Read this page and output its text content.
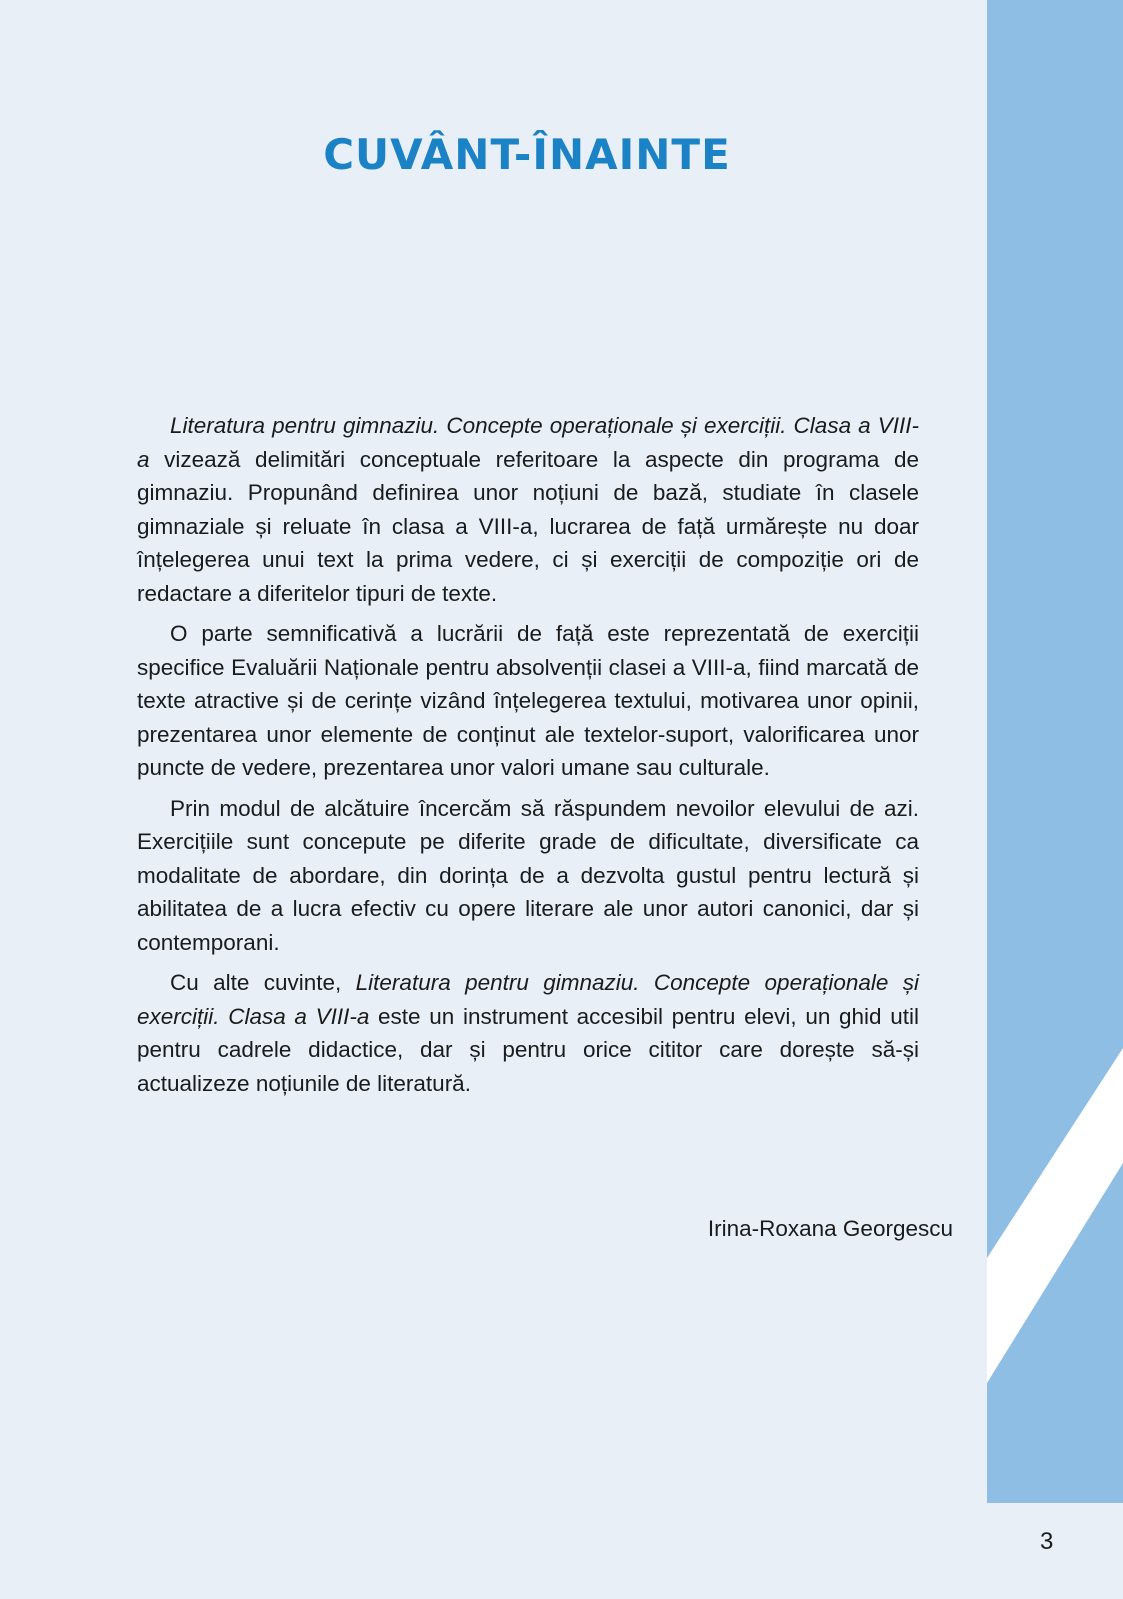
CUVÂNT-ÎNAINTE

Literatura pentru gimnaziu. Concepte operaționale și exerciții. Clasa a VIII-a vizează delimitări conceptuale referitoare la aspecte din programa de gimnaziu. Propunând definirea unor noțiuni de bază, studiate în clasele gimnaziale și reluate în clasa a VIII-a, lucrarea de față urmărește nu doar înțelegerea unui text la prima vedere, ci și exerciții de compoziție ori de redactare a diferitelor tipuri de texte.

O parte semnificativă a lucrării de față este reprezentată de exerciții specifice Evaluării Naționale pentru absolvenții clasei a VIII-a, fiind marcată de texte atractive și de cerințe vizând înțelegerea textului, motivarea unor opinii, prezentarea unor elemente de conținut ale textelor-suport, valorificarea unor puncte de vedere, prezentarea unor valori umane sau culturale.

Prin modul de alcătuire încercăm să răspundem nevoilor elevului de azi. Exercițiile sunt concepute pe diferite grade de dificultate, diversificate ca modalitate de abordare, din dorința de a dezvolta gustul pentru lectură și abilitatea de a lucra efectiv cu opere literare ale unor autori canonici, dar și contemporani.

Cu alte cuvinte, Literatura pentru gimnaziu. Concepte operaționale și exerciții. Clasa a VIII-a este un instrument accesibil pentru elevi, un ghid util pentru cadrele didactice, dar și pentru orice cititor care dorește să-și actualizeze noțiunile de literatură.

Irina-Roxana Georgescu

3
